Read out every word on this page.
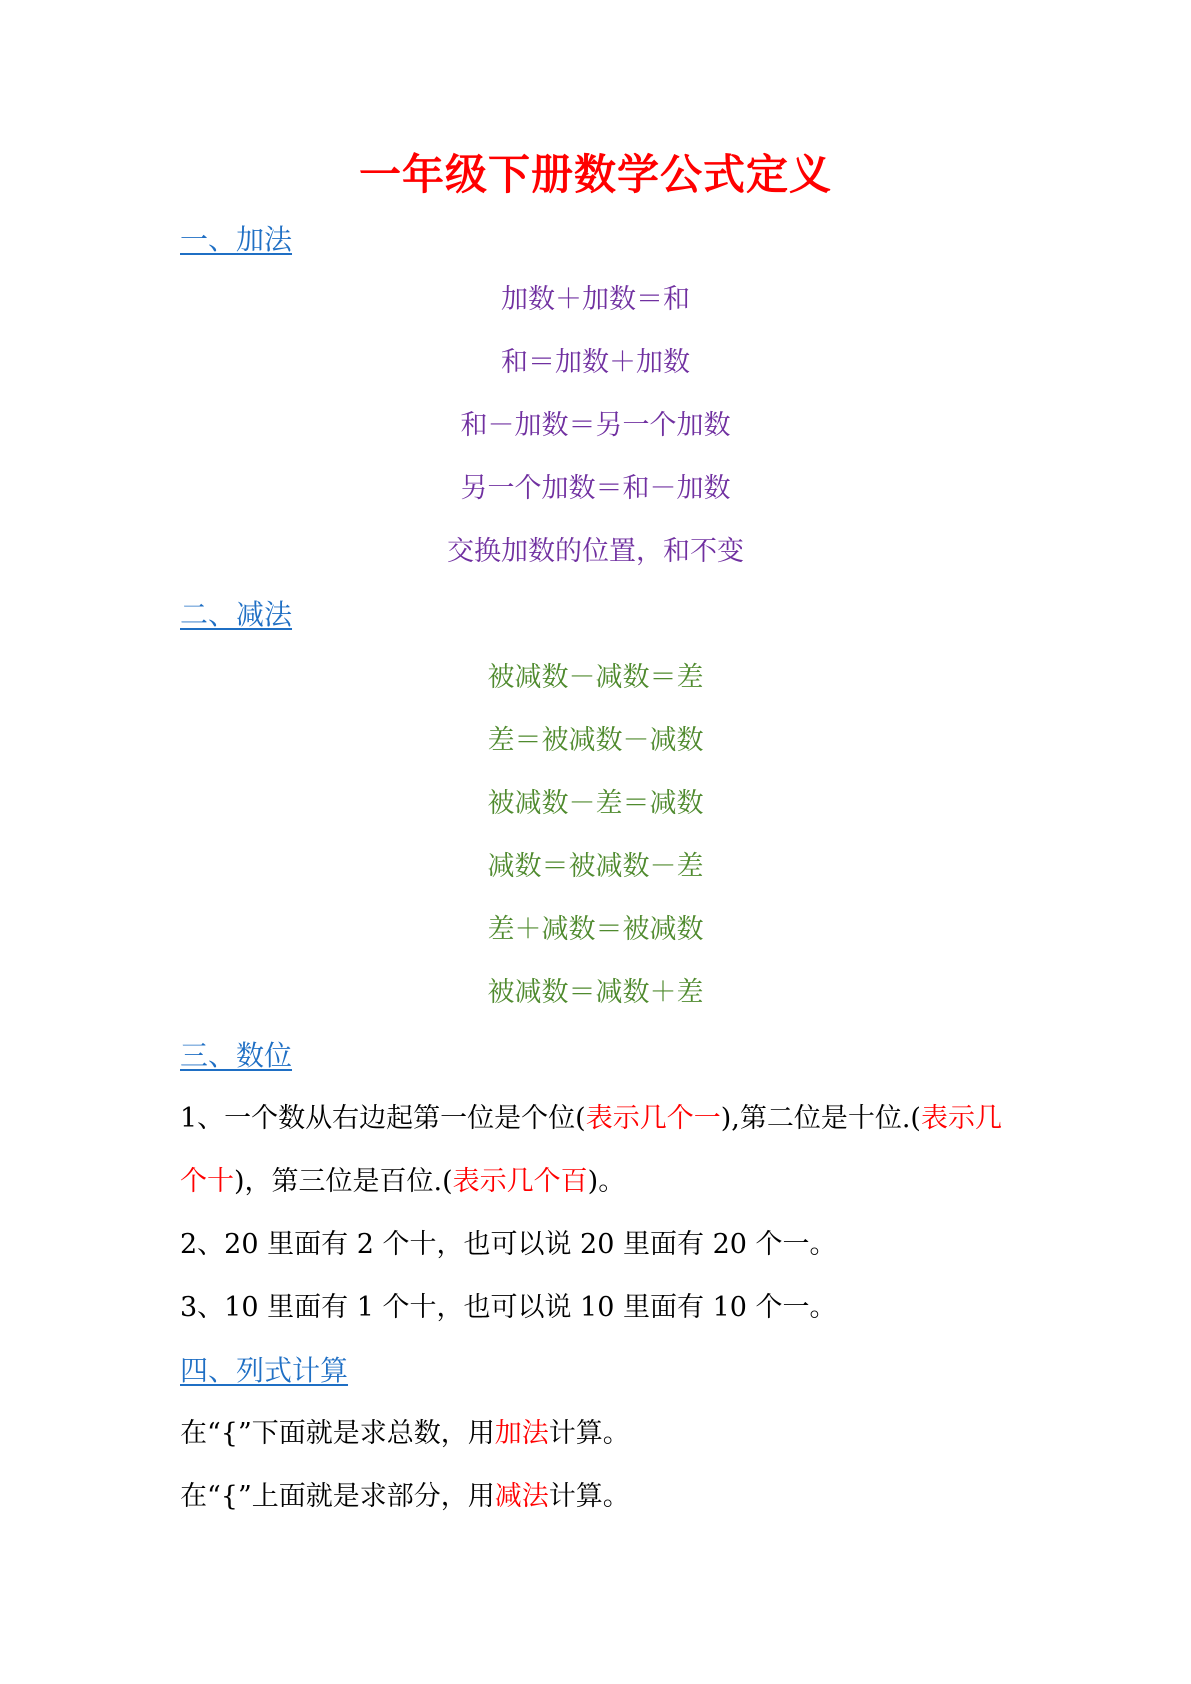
一年级下册数学公式定义
一、加法
加数＋加数＝和
和＝加数＋加数
和－加数＝另一个加数
另一个加数＝和－加数
交换加数的位置，和不变
二、减法
被减数－减数＝差
差＝被减数－减数
被减数－差＝减数
减数＝被减数－差
差＋减数＝被减数
被减数＝减数＋差
三、数位
1、一个数从右边起第一位是个位(表示几个一),第二位是十位.(表示几
个十)，第三位是百位.(表示几个百)。
2、20 里面有 2 个十，也可以说 20 里面有 20 个一。
3、10 里面有 1 个十，也可以说 10 里面有 10 个一。
四、列式计算
在“{”下面就是求总数，用加法计算。
在“{”上面就是求部分，用减法计算。
